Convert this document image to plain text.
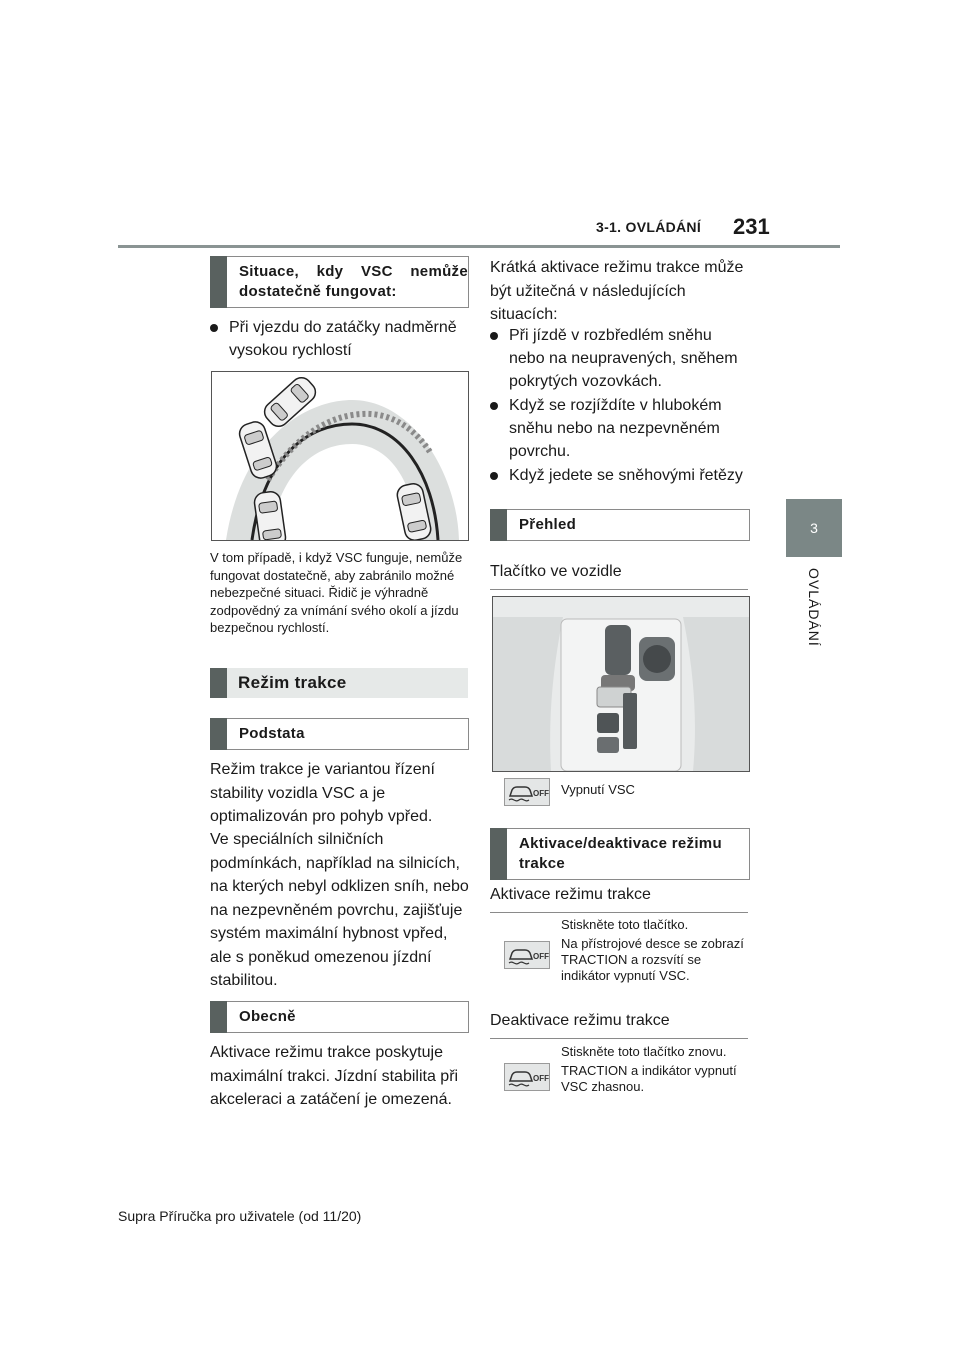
3-1. OVLÁDÁNÍ 231
3
OVLÁDÁNÍ
Situace, kdy VSC nemůže dostatečně fungovat:
Při vjezdu do zatáčky nadměrně vysokou rychlostí

V tom případě, i když VSC funguje, nemůže fungovat dostatečně, aby zabránilo možné nebezpečné situaci. Řidič je výhradně zodpovědný za vnímání svého okolí a jízdu bezpečnou rychlostí.

Režim trakce
Podstata

Režim trakce je variantou řízení stability vozidla VSC a je optimalizován pro pohyb vpřed.

Ve speciálních silničních podmínkách, například na silnicích, na kterých nebyl odklizen sníh, nebo na nezpevněném povrchu, zajišťuje systém maximální hybnost vpřed, ale s poněkud omezenou jízdní stabilitou.

Obecně

Aktivace režimu trakce poskytuje maximální trakci. Jízdní stabilita při akceleraci a zatáčení je omezená.

Krátká aktivace režimu trakce může být užitečná v následujících situacích:

Při jízdě v rozbředlém sněhu nebo na neupravených, sněhem pokrytých vozovkách.
Když se rozjíždíte v hlubokém sněhu nebo na nezpevněném povrchu.
Když jedete se sněhovými řetězy
Přehled
Tlačítko ve vozidle
OFF Vypnutí VSC
Aktivace/deaktivace režimu trakce
Aktivace režimu trakce
Stiskněte toto tlačítko.
OFF
Na přístrojové desce se zobrazí TRACTION a rozsvítí se indikátor vypnutí VSC.
Deaktivace režimu trakce
Stiskněte toto tlačítko znovu.
OFF
TRACTION a indikátor vypnutí VSC zhasnou.
Supra Příručka pro uživatele (od 11/20)
